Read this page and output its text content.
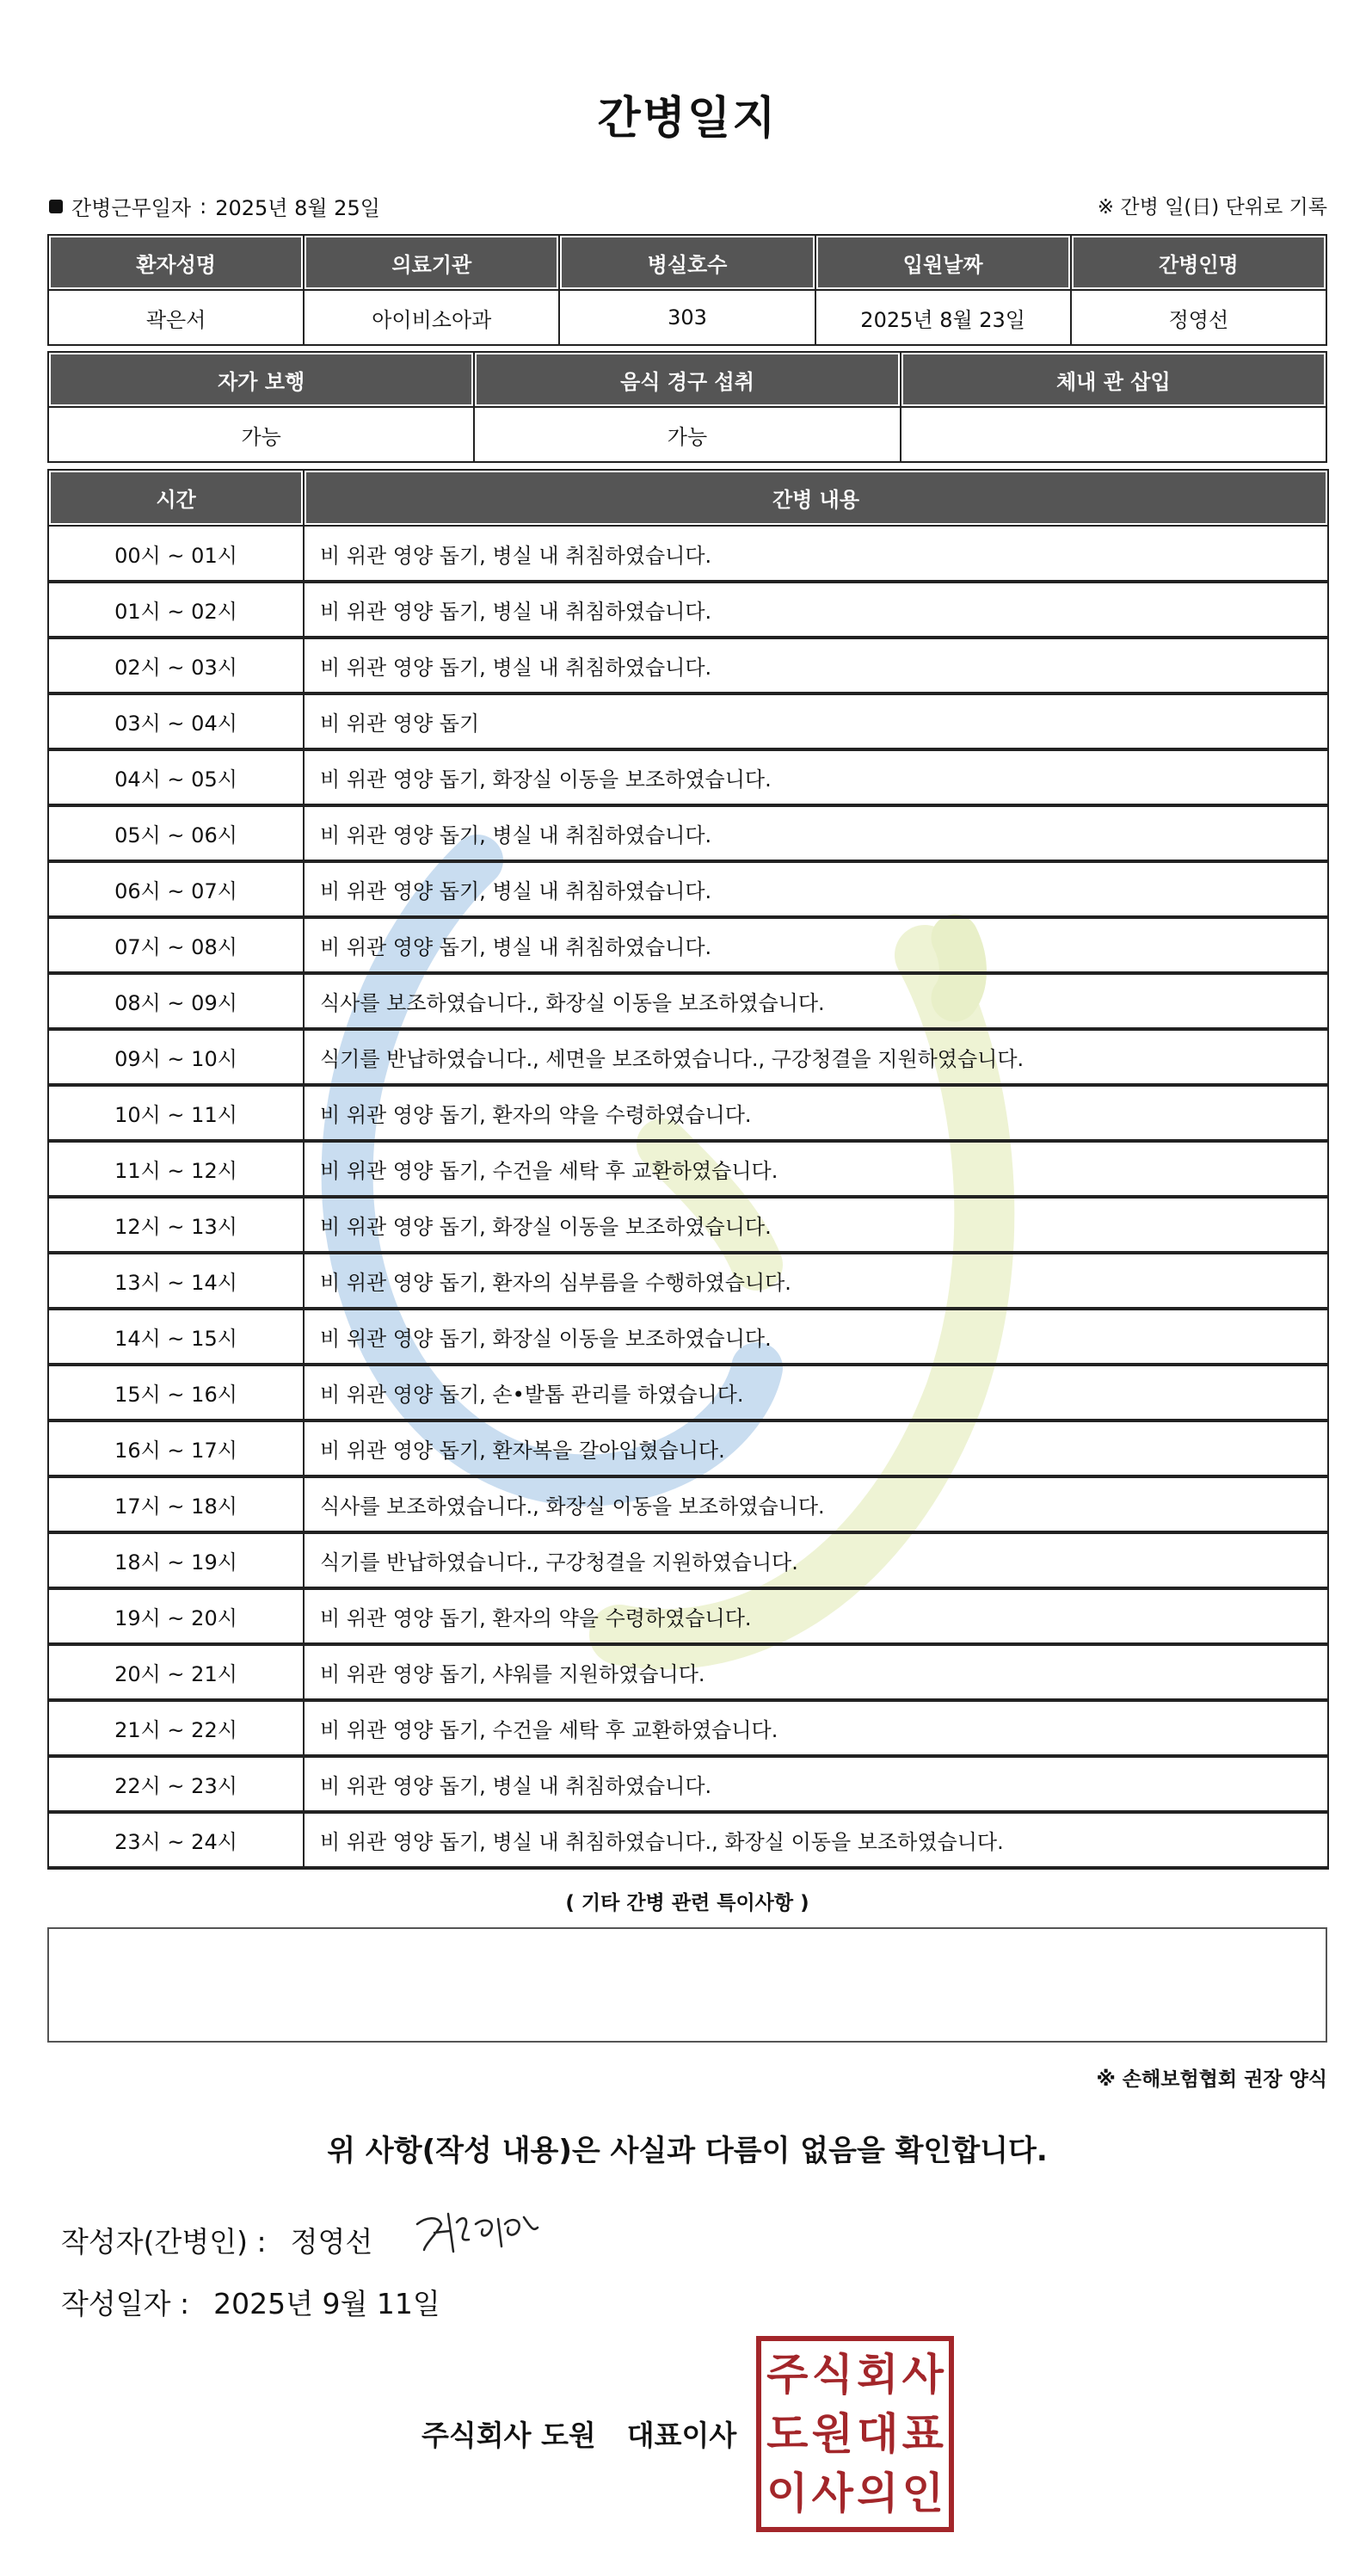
간병일지
간병근무일자 : 2025년 8월 25일	※ 간병 일(日) 단위로 기록
환자성명	의료기관	병실호수	입원날짜	간병인명
곽은서	아이비소아과	303	2025년 8월 23일	정영선
자가 보행	음식 경구 섭취	체내 관 삽입
가능	가능	
시간	간병 내용
00시 ~ 01시	비 위관 영양 돕기, 병실 내 취침하였습니다.
01시 ~ 02시	비 위관 영양 돕기, 병실 내 취침하였습니다.
02시 ~ 03시	비 위관 영양 돕기, 병실 내 취침하였습니다.
03시 ~ 04시	비 위관 영양 돕기
04시 ~ 05시	비 위관 영양 돕기, 화장실 이동을 보조하였습니다.
05시 ~ 06시	비 위관 영양 돕기, 병실 내 취침하였습니다.
06시 ~ 07시	비 위관 영양 돕기, 병실 내 취침하였습니다.
07시 ~ 08시	비 위관 영양 돕기, 병실 내 취침하였습니다.
08시 ~ 09시	식사를 보조하였습니다., 화장실 이동을 보조하였습니다.
09시 ~ 10시	식기를 반납하였습니다., 세면을 보조하였습니다., 구강청결을 지원하였습니다.
10시 ~ 11시	비 위관 영양 돕기, 환자의 약을 수령하였습니다.
11시 ~ 12시	비 위관 영양 돕기, 수건을 세탁 후 교환하였습니다.
12시 ~ 13시	비 위관 영양 돕기, 화장실 이동을 보조하였습니다.
13시 ~ 14시	비 위관 영양 돕기, 환자의 심부름을 수행하였습니다.
14시 ~ 15시	비 위관 영양 돕기, 화장실 이동을 보조하였습니다.
15시 ~ 16시	비 위관 영양 돕기, 손•발톱 관리를 하였습니다.
16시 ~ 17시	비 위관 영양 돕기, 환자복을 갈아입혔습니다.
17시 ~ 18시	식사를 보조하였습니다., 화장실 이동을 보조하였습니다.
18시 ~ 19시	식기를 반납하였습니다., 구강청결을 지원하였습니다.
19시 ~ 20시	비 위관 영양 돕기, 환자의 약을 수령하였습니다.
20시 ~ 21시	비 위관 영양 돕기, 샤워를 지원하였습니다.
21시 ~ 22시	비 위관 영양 돕기, 수건을 세탁 후 교환하였습니다.
22시 ~ 23시	비 위관 영양 돕기, 병실 내 취침하였습니다.
23시 ~ 24시	비 위관 영양 돕기, 병실 내 취침하였습니다., 화장실 이동을 보조하였습니다.
( 기타 간병 관련 특이사항 )
※ 손해보험협회 권장 양식
위 사항(작성 내용)은 사실과 다름이 없음을 확인합니다.
작성자(간병인) : 정영선
작성일자 : 2025년 9월 11일
주식회사 도원 대표이사
주 식 회 사
도 원 대 표
이 사 의 인
